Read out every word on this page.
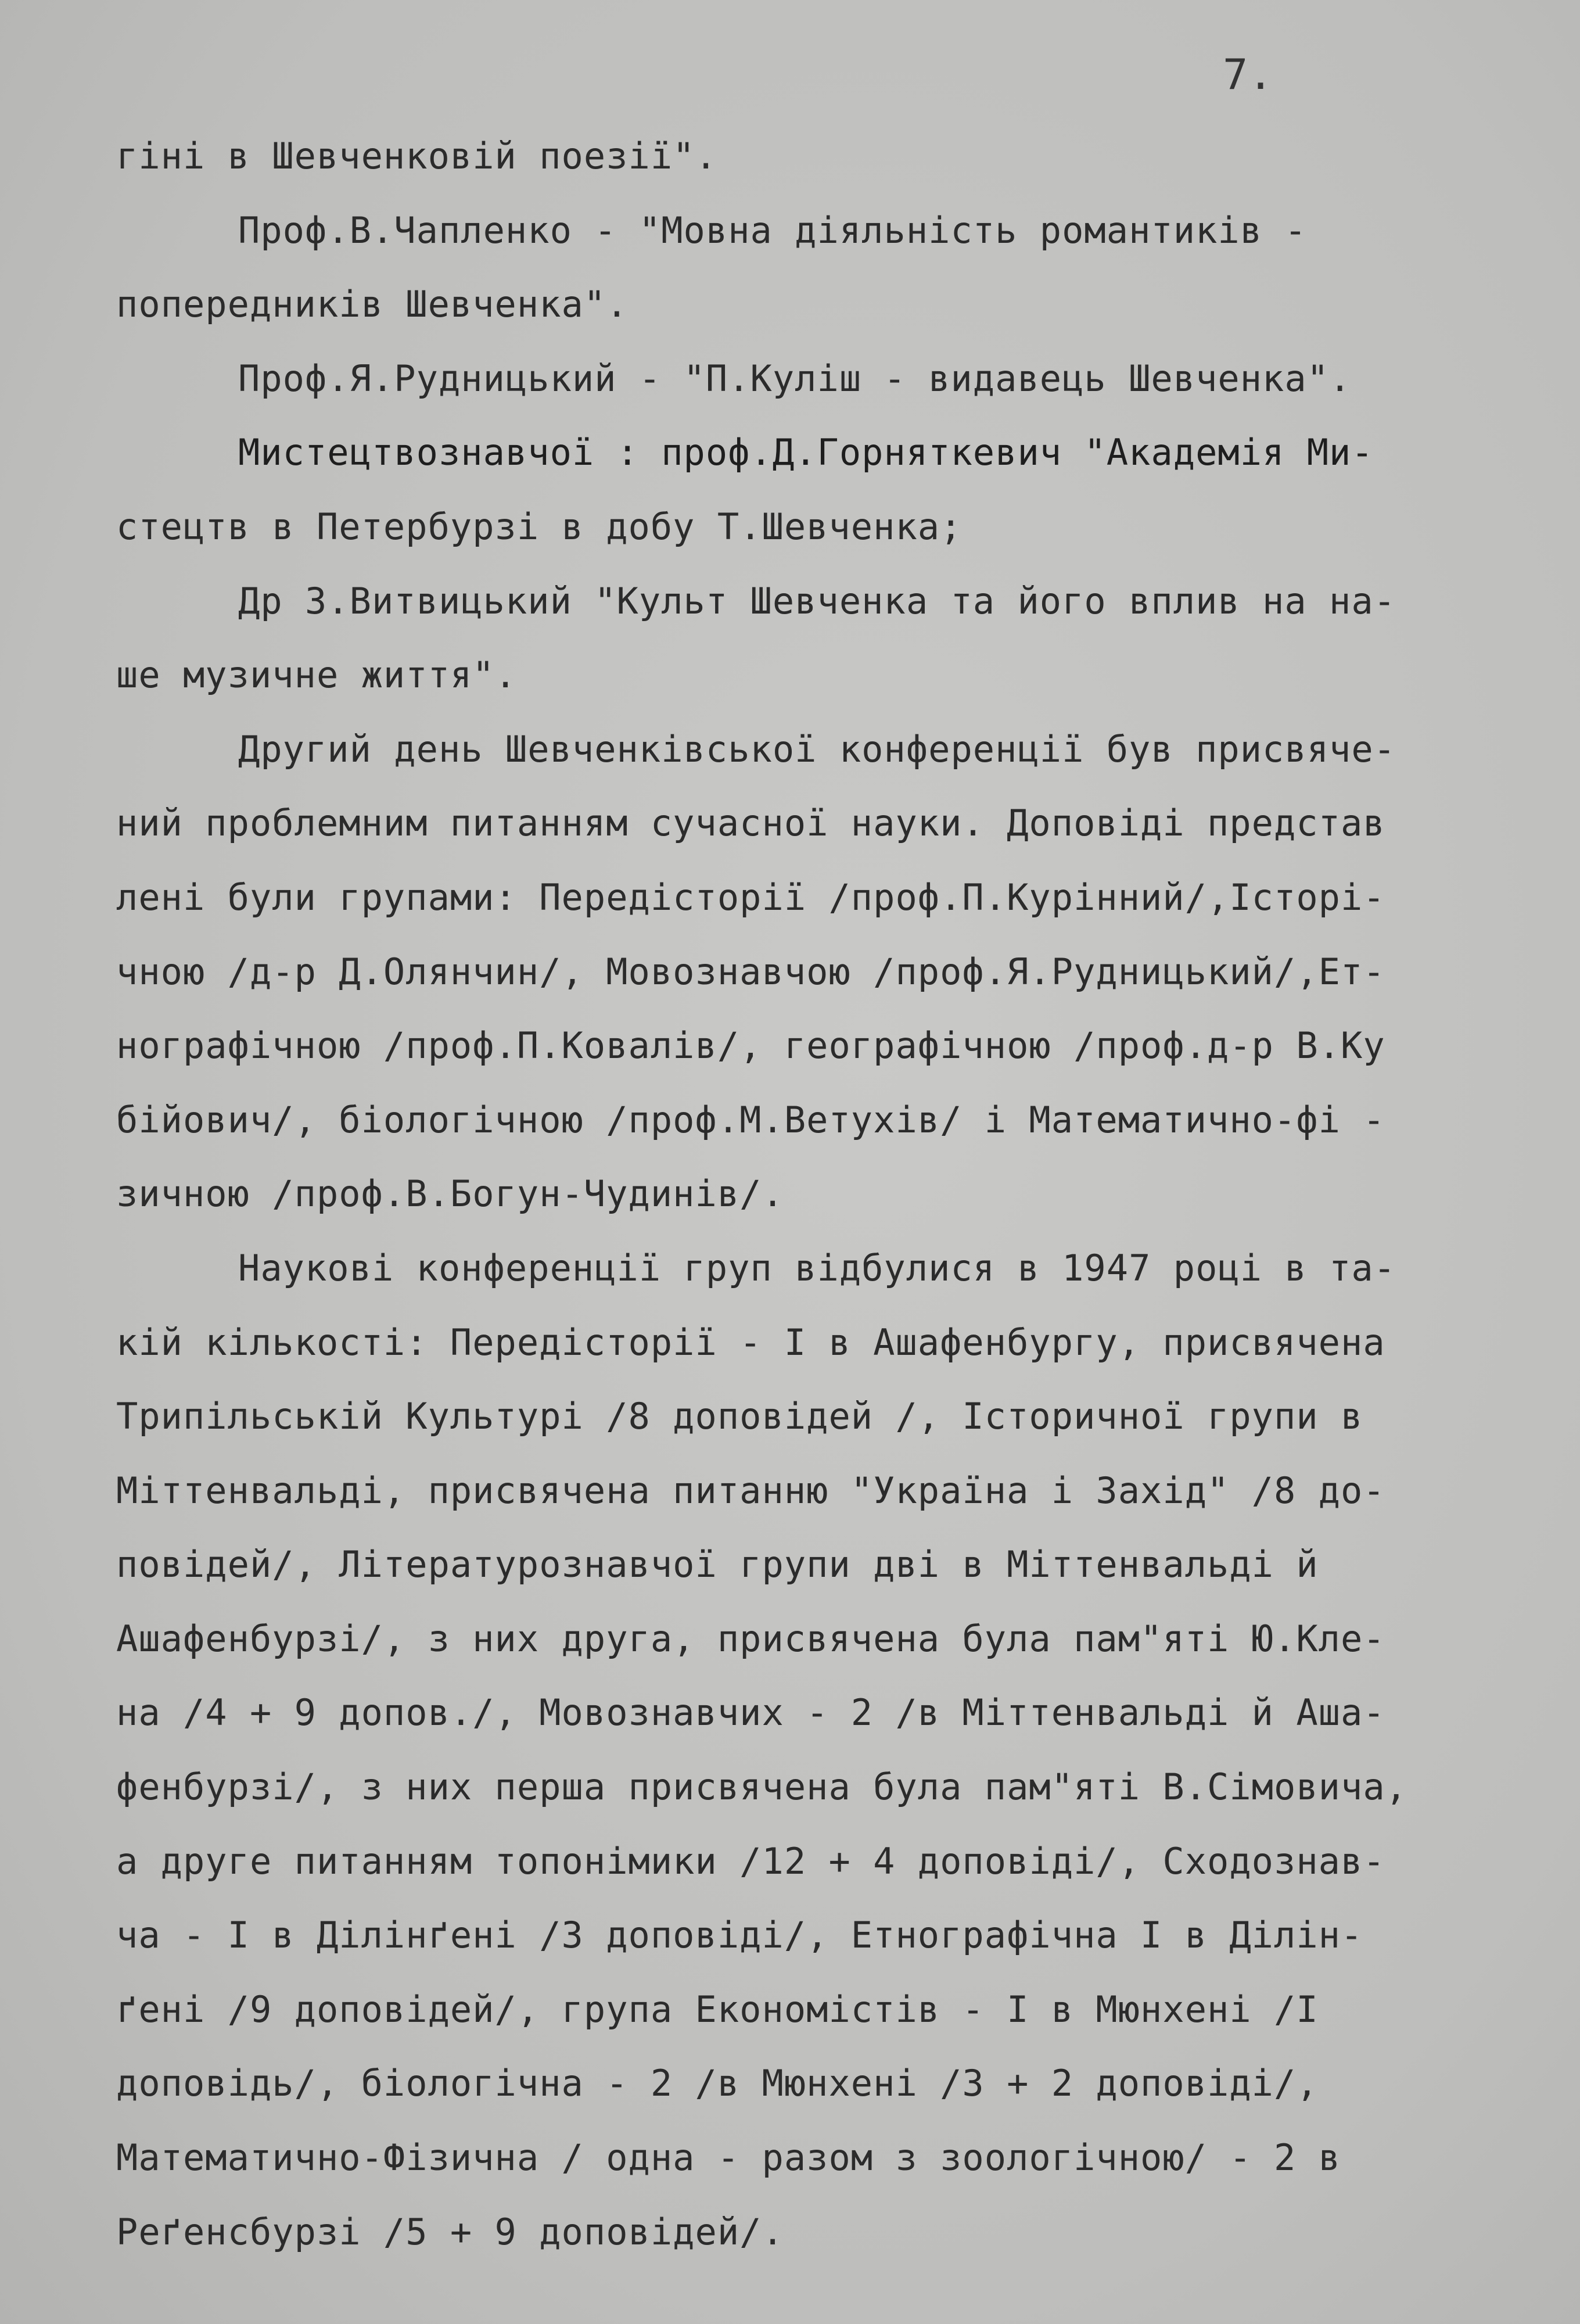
7.
гіні в Шевченковій поезії".
Проф.В.Чапленко - "Мовна діяльність романтиків -
попередників Шевченка".
Проф.Я.Рудницький - "П.Куліш - видавець Шевченка".
Мистецтвознавчої : проф.Д.Горняткевич "Академія Ми-
стецтв в Петербурзі в добу Т.Шевченка;
Др З.Витвицький "Культ Шевченка та його вплив на на-
ше музичне життя".
Другий день Шевченківської конференції був присвяче-
ний проблемним питанням сучасної науки. Доповіді представ
лені були групами: Передісторії /проф.П.Курінний/,Історі-
чною /д-р Д.Олянчин/, Мовознавчою /проф.Я.Рудницький/,Ет-
нографічною /проф.П.Ковалів/, географічною /проф.д-р В.Ку
бійович/, біологічною /проф.М.Ветухів/ і Математично-фі -
зичною /проф.В.Богун-Чудинів/.
Наукові конференції груп відбулися в 1947 році в та-
кій кількості: Передісторії - І в Ашафенбургу, присвячена
Трипільській Культурі /8 доповідей /, Історичної групи в
Міттенвальді, присвячена питанню "Україна і Захід" /8 до-
повідей/, Літературознавчої групи дві в Міттенвальді й
Ашафенбурзі/, з них друга, присвячена була пам"яті Ю.Кле-
на /4 + 9 допов./, Мовознавчих - 2 /в Міттенвальді й Аша-
фенбурзі/, з них перша присвячена була пам"яті В.Сімовича,
а друге питанням топонімики /12 + 4 доповіді/, Сходознав-
ча - І в Ділінґені /3 доповіді/, Етнографічна І в Ділін-
ґені /9 доповідей/, група Економістів - І в Мюнхені /І
доповідь/, біологічна - 2 /в Мюнхені /3 + 2 доповіді/,
Математично-Фізична / одна - разом з зоологічною/ - 2 в
Реґенсбурзі /5 + 9 доповідей/.
